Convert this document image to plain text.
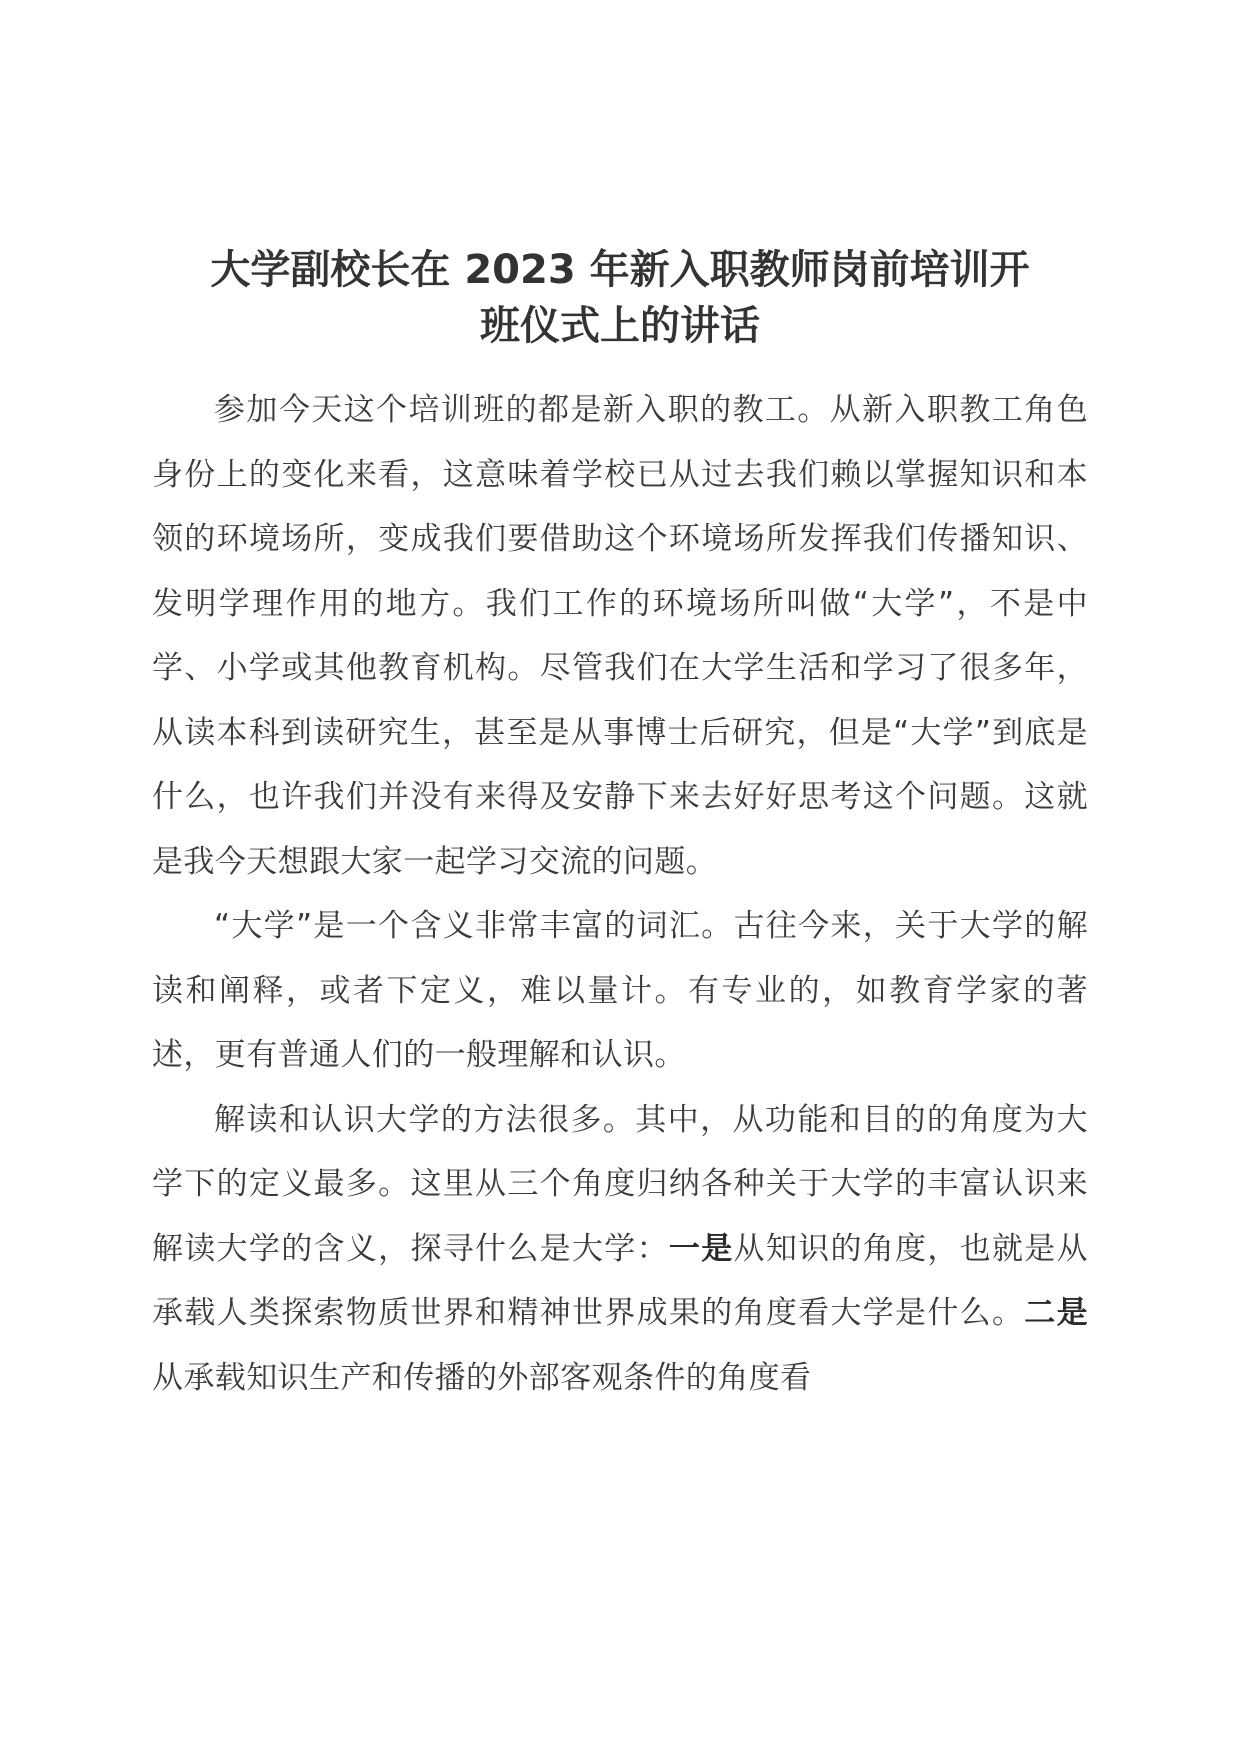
大学副校长在 2023 年新入职教师岗前培训开
班仪式上的讲话

参加今天这个培训班的都是新入职的教工。从新入职教工角色身份上的变化来看，这意味着学校已从过去我们赖以掌握知识和本领的环境场所，变成我们要借助这个环境场所发挥我们传播知识、发明学理作用的地方。我们工作的环境场所叫做“大学”，不是中学、小学或其他教育机构。尽管我们在大学生活和学习了很多年，从读本科到读研究生，甚至是从事博士后研究，但是“大学”到底是什么，也许我们并没有来得及安静下来去好好思考这个问题。这就是我今天想跟大家一起学习交流的问题。

“大学”是一个含义非常丰富的词汇。古往今来，关于大学的解读和阐释，或者下定义，难以量计。有专业的，如教育学家的著述，更有普通人们的一般理解和认识。

解读和认识大学的方法很多。其中，从功能和目的的角度为大学下的定义最多。这里从三个角度归纳各种关于大学的丰富认识来解读大学的含义，探寻什么是大学：一是从知识的角度，也就是从承载人类探索物质世界和精神世界成果的角度看大学是什么。二是从承载知识生产和传播的外部客观条件的角度看
